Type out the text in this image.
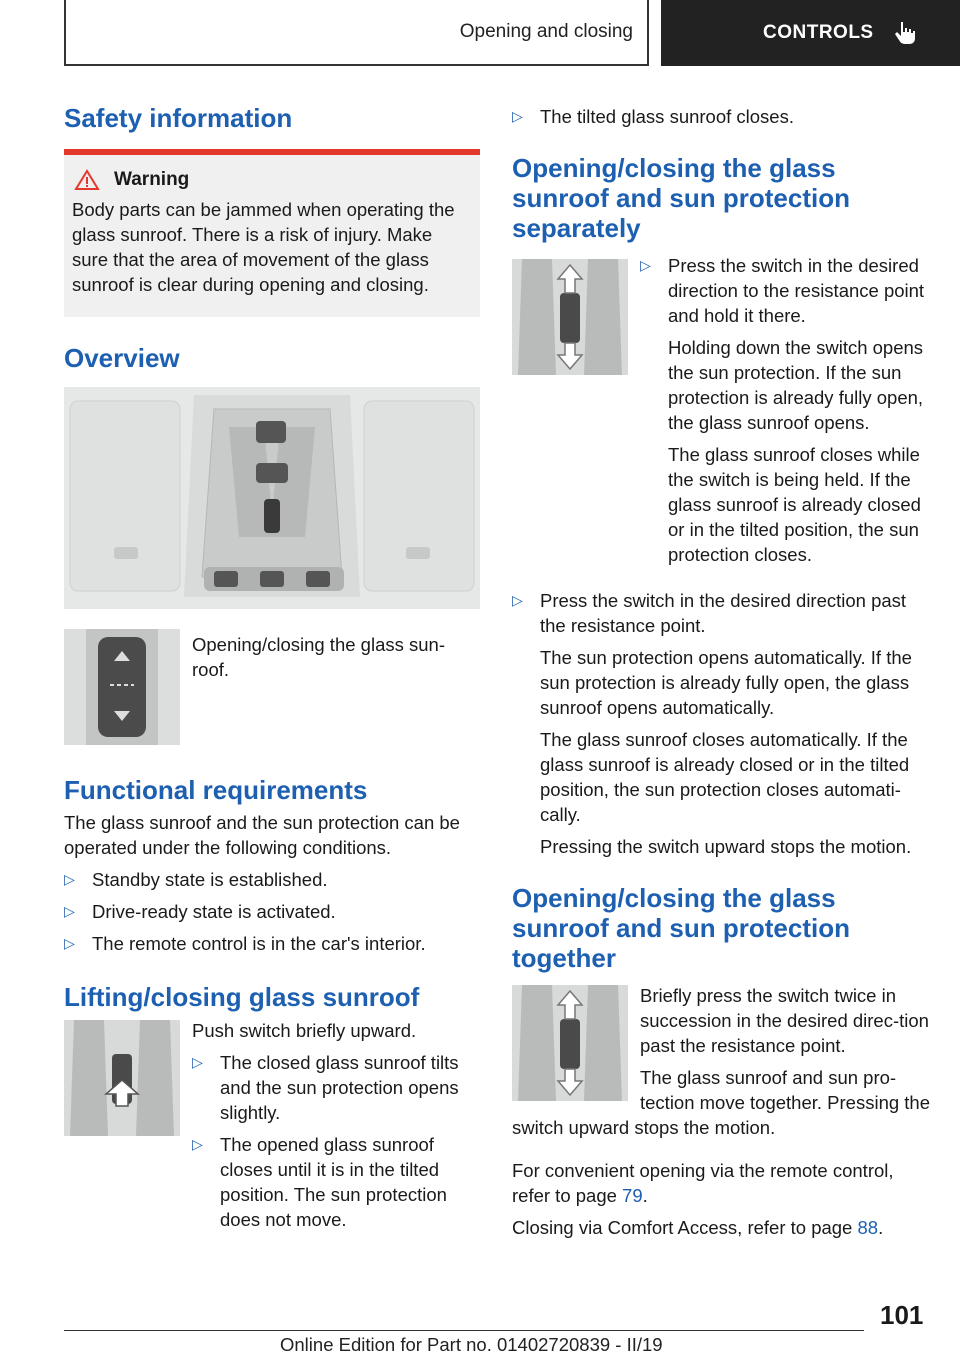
Opening and closing	CONTROLS
Safety information
Warning

Body parts can be jammed when operating the glass sunroof. There is a risk of injury. Make sure that the area of movement of the glass sunroof is clear during opening and closing.

Overview

Opening/closing the glass sun-

roof.

Functional requirements

The glass sunroof and the sun protection can be operated under the following conditions.

▷ Standby state is established.
▷ Drive-ready state is activated.
▷ The remote control is in the car's interior.
Lifting/closing glass sunroof

Push switch briefly upward.

▷ The closed glass sunroof tilts and the sun protection opens slightly.
▷ The opened glass sunroof closes until it is in the tilted position. The sun protection does not move.
▷ The tilted glass sunroof closes.
Opening/closing the glass sunroof and sun protection separately
▷ Press the switch in the desired direction to the resistance point and hold it there.

Holding down the switch opens the sun protection. If the sun protection is already fully open, the glass sunroof opens.

The glass sunroof closes while the switch is being held. If the glass sunroof is already closed or in the tilted position, the sun protection closes.

▷ Press the switch in the desired direction past the resistance point.

The sun protection opens automatically. If the sun protection is already fully open, the glass sunroof opens automatically.

The glass sunroof closes automatically. If the glass sunroof is already closed or in the tilted position, the sun protection closes automati-cally.

Pressing the switch upward stops the motion.

Opening/closing the glass sunroof and sun protection together

Briefly press the switch twice in succession in the desired direc-tion past the resistance point.

The glass sunroof and sun pro-tection move together. Pressing the switch upward stops the motion.

For convenient opening via the remote control, refer to page 79.

Closing via Comfort Access, refer to page 88.

101
Online Edition for Part no. 01402720839 - II/19
